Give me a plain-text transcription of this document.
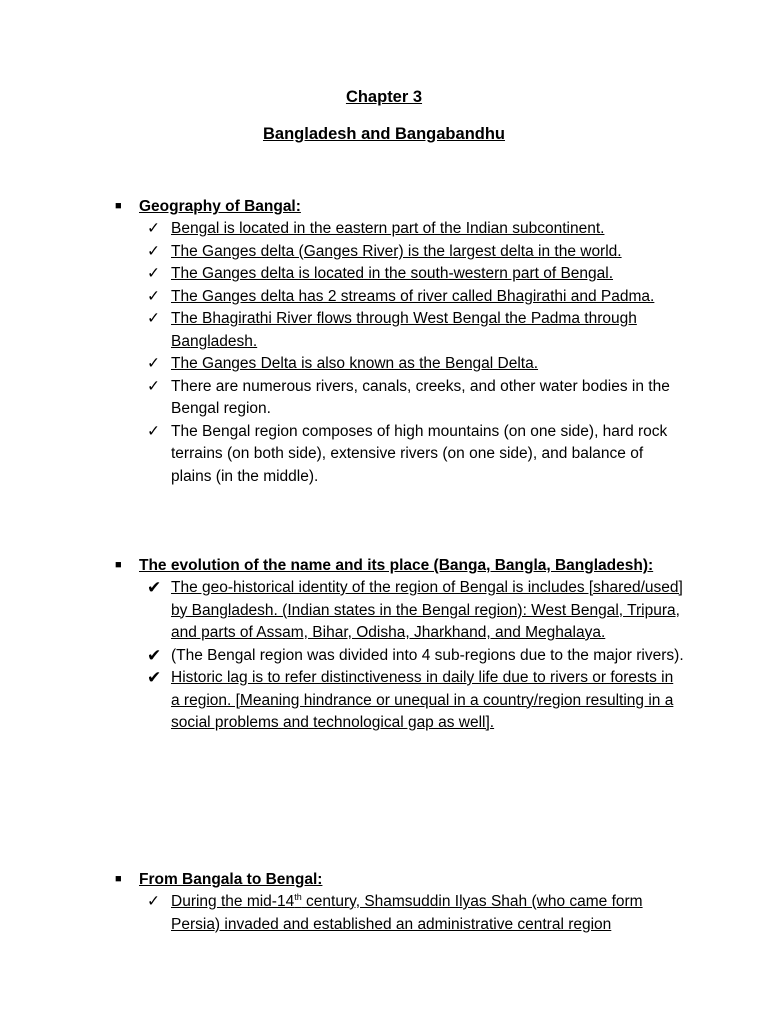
Chapter 3
Bangladesh and Bangabandhu
■ Geography of Bangal:
✓ Bengal is located in the eastern part of the Indian subcontinent.
✓ The Ganges delta (Ganges River) is the largest delta in the world.
✓ The Ganges delta is located in the south-western part of Bengal.
✓ The Ganges delta has 2 streams of river called Bhagirathi and Padma.
✓ The Bhagirathi River flows through West Bengal the Padma through Bangladesh.
✓ The Ganges Delta is also known as the Bengal Delta.
✓ There are numerous rivers, canals, creeks, and other water bodies in the Bengal region.
✓ The Bengal region composes of high mountains (on one side), hard rock terrains (on both side), extensive rivers (on one side), and balance of plains (in the middle).
■ The evolution of the name and its place (Banga, Bangla, Bangladesh):
✔ The geo-historical identity of the region of Bengal is includes [shared/used] by Bangladesh. (Indian states in the Bengal region): West Bengal, Tripura, and parts of Assam, Bihar, Odisha, Jharkhand, and Meghalaya.
✔ (The Bengal region was divided into 4 sub-regions due to the major rivers).
✔ Historic lag is to refer distinctiveness in daily life due to rivers or forests in a region. [Meaning hindrance or unequal in a country/region resulting in a social problems and technological gap as well].
■ From Bangala to Bengal:
✓ During the mid-14th century, Shamsuddin Ilyas Shah (who came form Persia) invaded and established an administrative central region
